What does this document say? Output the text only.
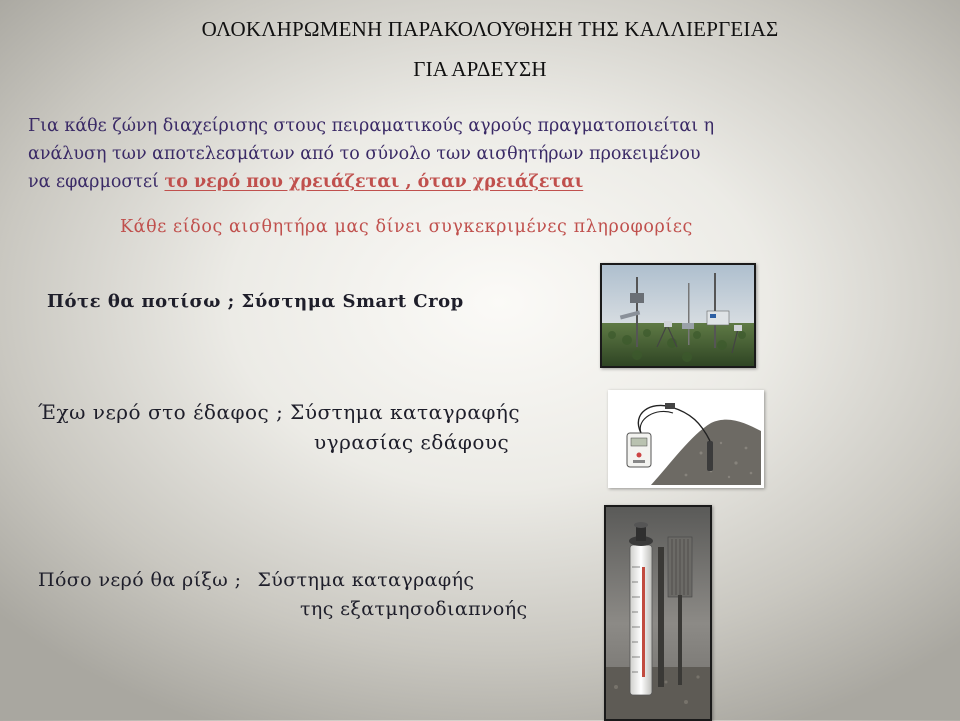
ΟΛΟΚΛΗΡΩΜΕΝΗ ΠΑΡΑΚΟΛΟΥΘΗΣΗ ΤΗΣ ΚΑΛΛΙΕΡΓΕΙΑΣ
ΓΙΑ ΑΡΔΕΥΣΗ
Για κάθε ζώνη διαχείρισης στους πειραματικούς αγρούς πραγματοποιείται η
ανάλυση των αποτελεσμάτων από το σύνολο των αισθητήρων προκειμένου
να εφαρμοστεί το νερό που χρειάζεται , όταν χρειάζεται
Κάθε είδος αισθητήρα μας δίνει συγκεκριμένες πληροφορίες
Πότε θα ποτίσω ; Σύστημα Smart Crop
Έχω νερό στο έδαφος ; Σύστημα καταγραφής
υγρασίας εδάφους
Πόσο νερό θα ρίξω ; Σύστημα καταγραφής
της εξατμησοδιαπνοής
